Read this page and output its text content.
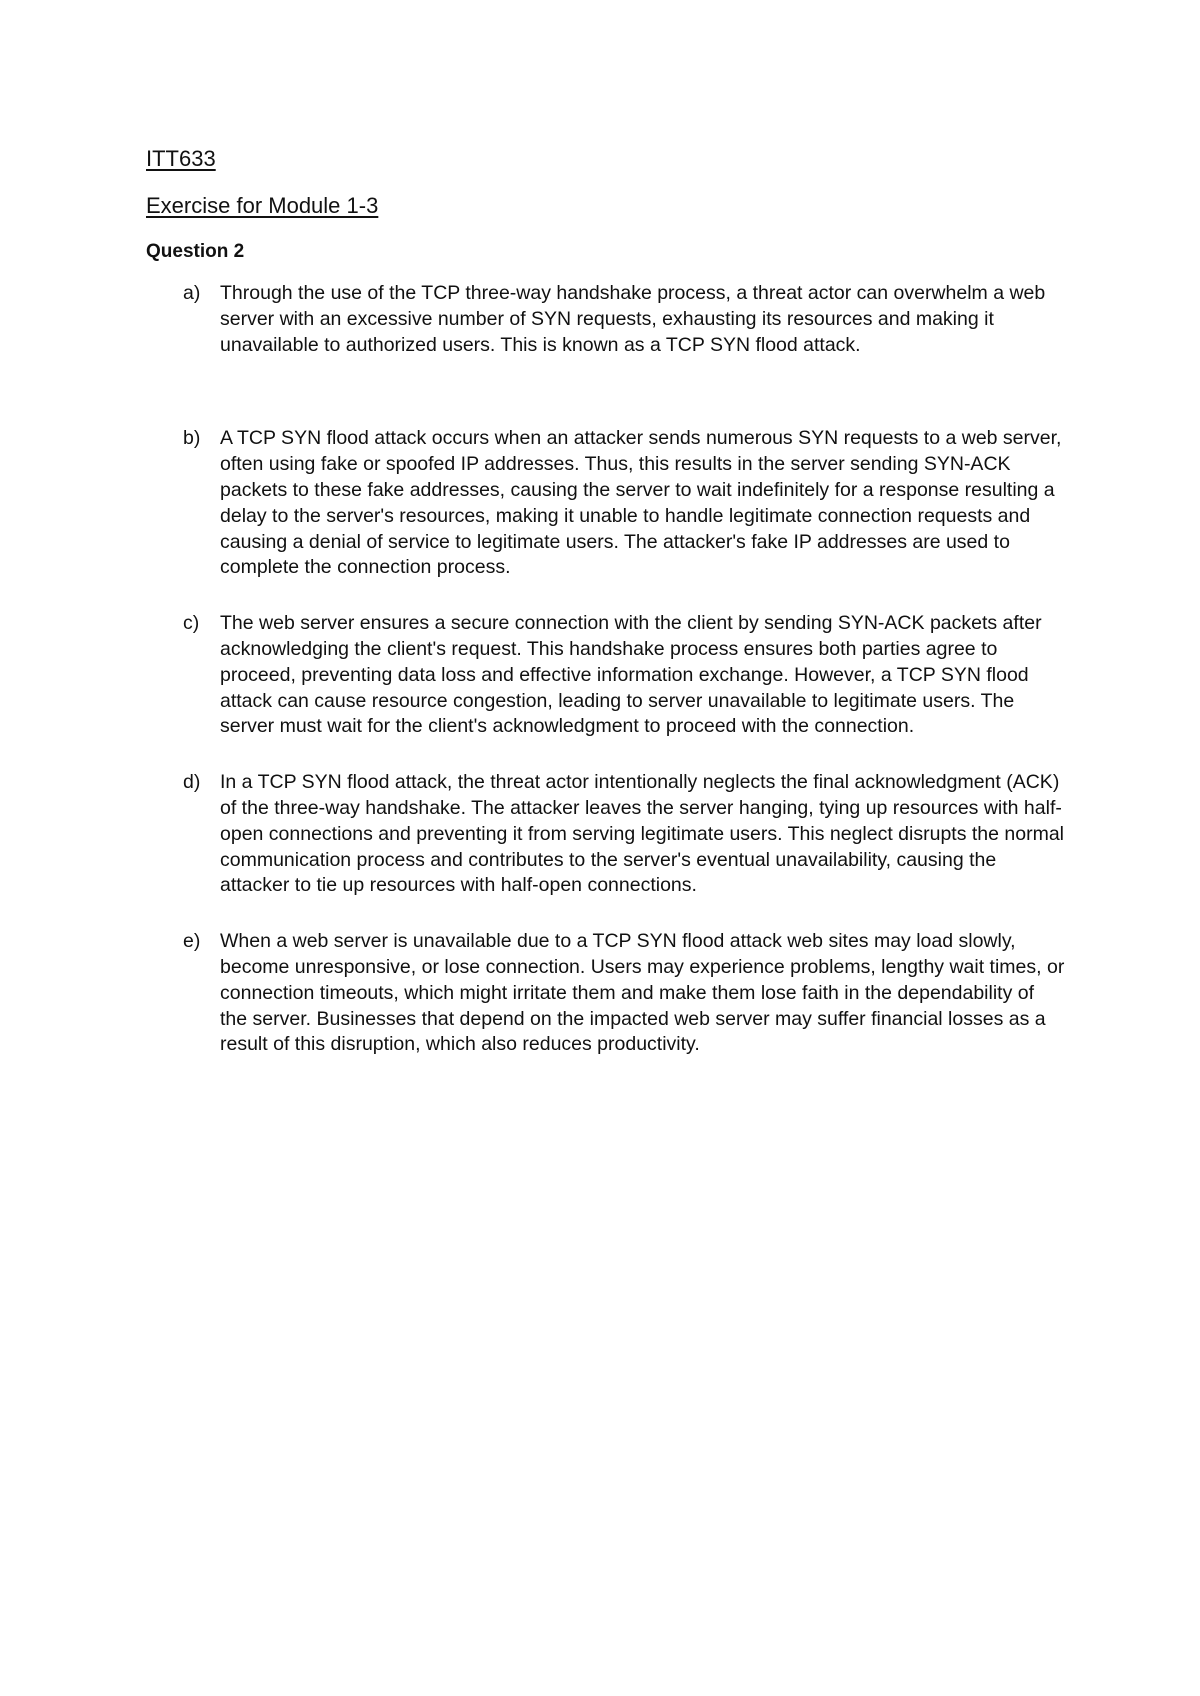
ITT633

Exercise for Module 1-3

Question 2

a) Through the use of the TCP three-way handshake process, a threat actor can overwhelm a web server with an excessive number of SYN requests, exhausting its resources and making it unavailable to authorized users. This is known as a TCP SYN flood attack.
b) A TCP SYN flood attack occurs when an attacker sends numerous SYN requests to a web server, often using fake or spoofed IP addresses. Thus, this results in the server sending SYN-ACK packets to these fake addresses, causing the server to wait indefinitely for a response resulting a delay to the server's resources, making it unable to handle legitimate connection requests and causing a denial of service to legitimate users. The attacker's fake IP addresses are used to complete the connection process.
c) The web server ensures a secure connection with the client by sending SYN-ACK packets after acknowledging the client's request. This handshake process ensures both parties agree to proceed, preventing data loss and effective information exchange. However, a TCP SYN flood attack can cause resource congestion, leading to server unavailable to legitimate users. The server must wait for the client's acknowledgment to proceed with the connection.
d) In a TCP SYN flood attack, the threat actor intentionally neglects the final acknowledgment (ACK) of the three-way handshake. The attacker leaves the server hanging, tying up resources with half-open connections and preventing it from serving legitimate users. This neglect disrupts the normal communication process and contributes to the server's eventual unavailability, causing the attacker to tie up resources with half-open connections.
e) When a web server is unavailable due to a TCP SYN flood attack web sites may load slowly, become unresponsive, or lose connection. Users may experience problems, lengthy wait times, or connection timeouts, which might irritate them and make them lose faith in the dependability of the server. Businesses that depend on the impacted web server may suffer financial losses as a result of this disruption, which also reduces productivity.
